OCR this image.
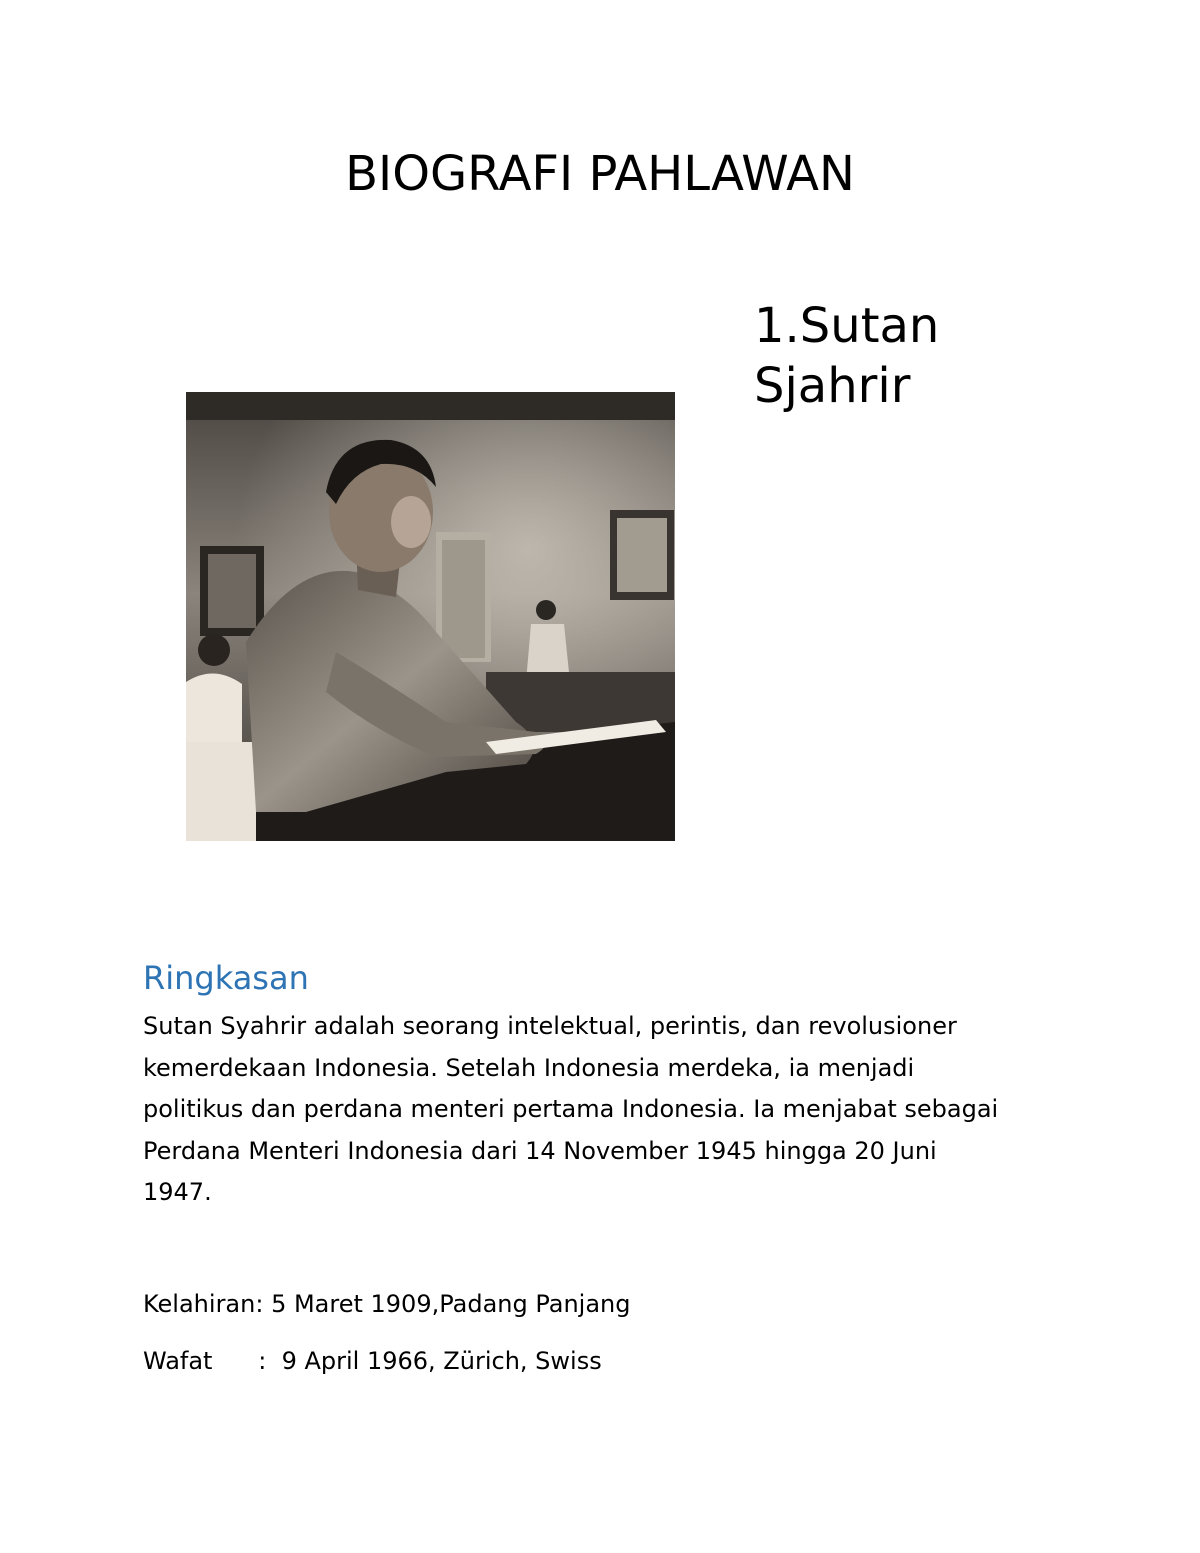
BIOGRAFI PAHLAWAN
1.Sutan
Sjahrir
Ringkasan
Sutan Syahrir adalah seorang intelektual, perintis, dan revolusioner
kemerdekaan Indonesia. Setelah Indonesia merdeka, ia menjadi
politikus dan perdana menteri pertama Indonesia. Ia menjabat sebagai
Perdana Menteri Indonesia dari 14 November 1945 hingga 20 Juni
1947.

Kelahiran: 5 Maret 1909,Padang Panjang

Wafat      :  9 April 1966, Zürich, Swiss
